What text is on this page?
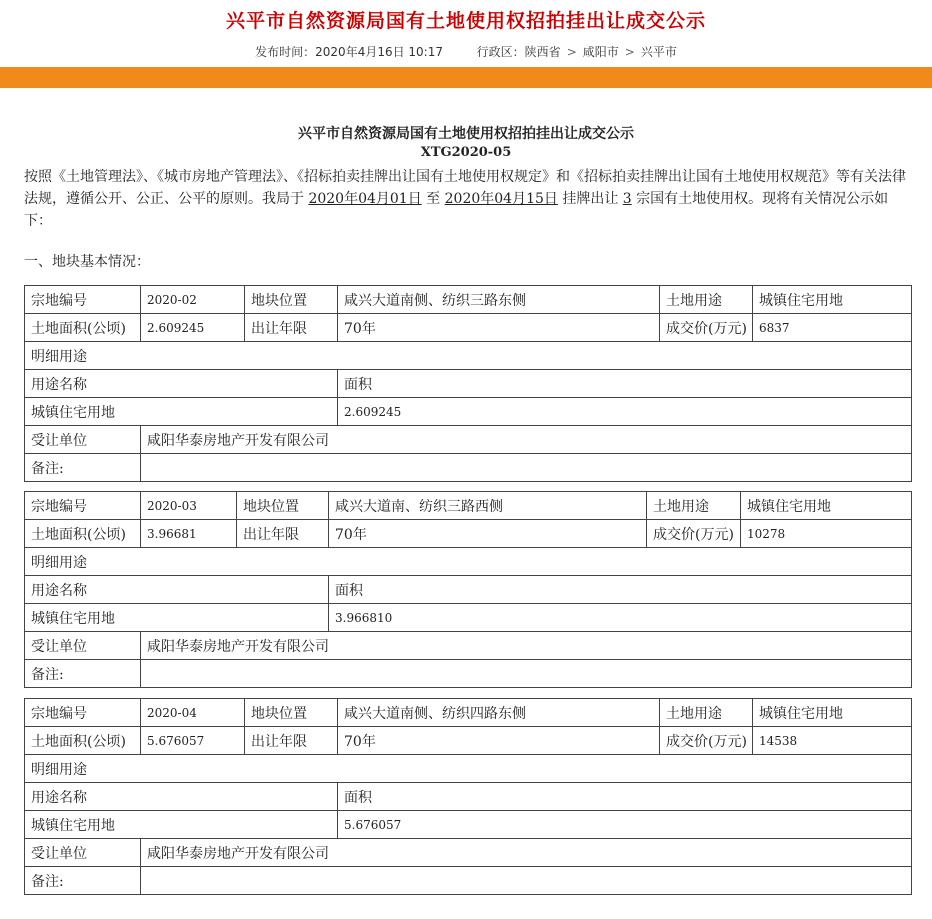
兴平市自然资源局国有土地使用权招拍挂出让成交公示
发布时间：2020年4月16日 10:17	行政区：陕西省 > 咸阳市 > 兴平市
兴平市自然资源局国有土地使用权招拍挂出让成交公示
XTG2020-05
按照《土地管理法》、《城市房地产管理法》、《招标拍卖挂牌出让国有土地使用权规定》和《招标拍卖挂牌出让国有土地使用权规范》等有关法律法规，遵循公开、公正、公平的原则。我局于 2020年04月01日 至 2020年04月15日 挂牌出让 3 宗国有土地使用权。现将有关情况公示如下：
一、地块基本情况：
宗地编号	2020-02	地块位置	咸兴大道南侧、纺织三路东侧	土地用途	城镇住宅用地
土地面积(公顷)	2.609245	出让年限	70年	成交价(万元)	6837
明细用途					
用途名称			面积		
城镇住宅用地			2.609245		
受让单位	咸阳华泰房地产开发有限公司				
备注:					
宗地编号	2020-03	地块位置	咸兴大道南、纺织三路西侧	土地用途	城镇住宅用地
土地面积(公顷)	3.96681	出让年限	70年	成交价(万元)	10278
明细用途					
用途名称			面积		
城镇住宅用地			3.966810		
受让单位	咸阳华泰房地产开发有限公司				
备注:					
宗地编号	2020-04	地块位置	咸兴大道南侧、纺织四路东侧	土地用途	城镇住宅用地
土地面积(公顷)	5.676057	出让年限	70年	成交价(万元)	14538
明细用途					
用途名称			面积		
城镇住宅用地			5.676057		
受让单位	咸阳华泰房地产开发有限公司				
备注:					
